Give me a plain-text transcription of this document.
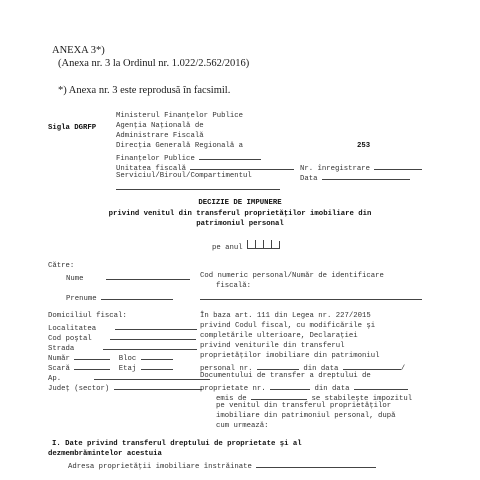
ANEXA 3*)
(Anexa nr. 3 la Ordinul nr. 1.022/2.562/2016)
*) Anexa nr. 3 este reprodusă în facsimil.
Sigla DGRFP
Ministerul Finanţelor Publice
Agenţia Naţională de
Administrare Fiscală
Direcţia Generală Regională a
Finanţelor Publice
Unitatea fiscală
Serviciul/Biroul/Compartimentul
253
Nr. înregistrare
Data
DECIZIE DE IMPUNERE
privind venitul din transferul proprietăţilor imobiliare din
patrimoniul personal
pe anul
Către:
Nume
Prenume
Cod numeric personal/Număr de identificare
fiscală:
Domiciliul fiscal:
Localitatea
Cod poştal
Strada
Număr	Bloc
Scară	Etaj
Ap.
Judeţ (sector)
În baza art. 111 din Legea nr. 227/2015
privind Codul fiscal, cu modificările şi
completările ulterioare, Declaraţiei
privind veniturile din transferul
proprietăţilor imobiliare din patrimoniul
personal nr.	din data	/
Documentului de transfer a dreptului de
proprietate nr.	din data
emis de	se stabileşte impozitul
pe venitul din transferul proprietăţilor
imobiliare din patrimoniul personal, după
cum urmează:
I. Date privind transferul dreptului de proprietate şi al
dezmembrămintelor acestuia
Adresa proprietăţii imobiliare înstrăinate
